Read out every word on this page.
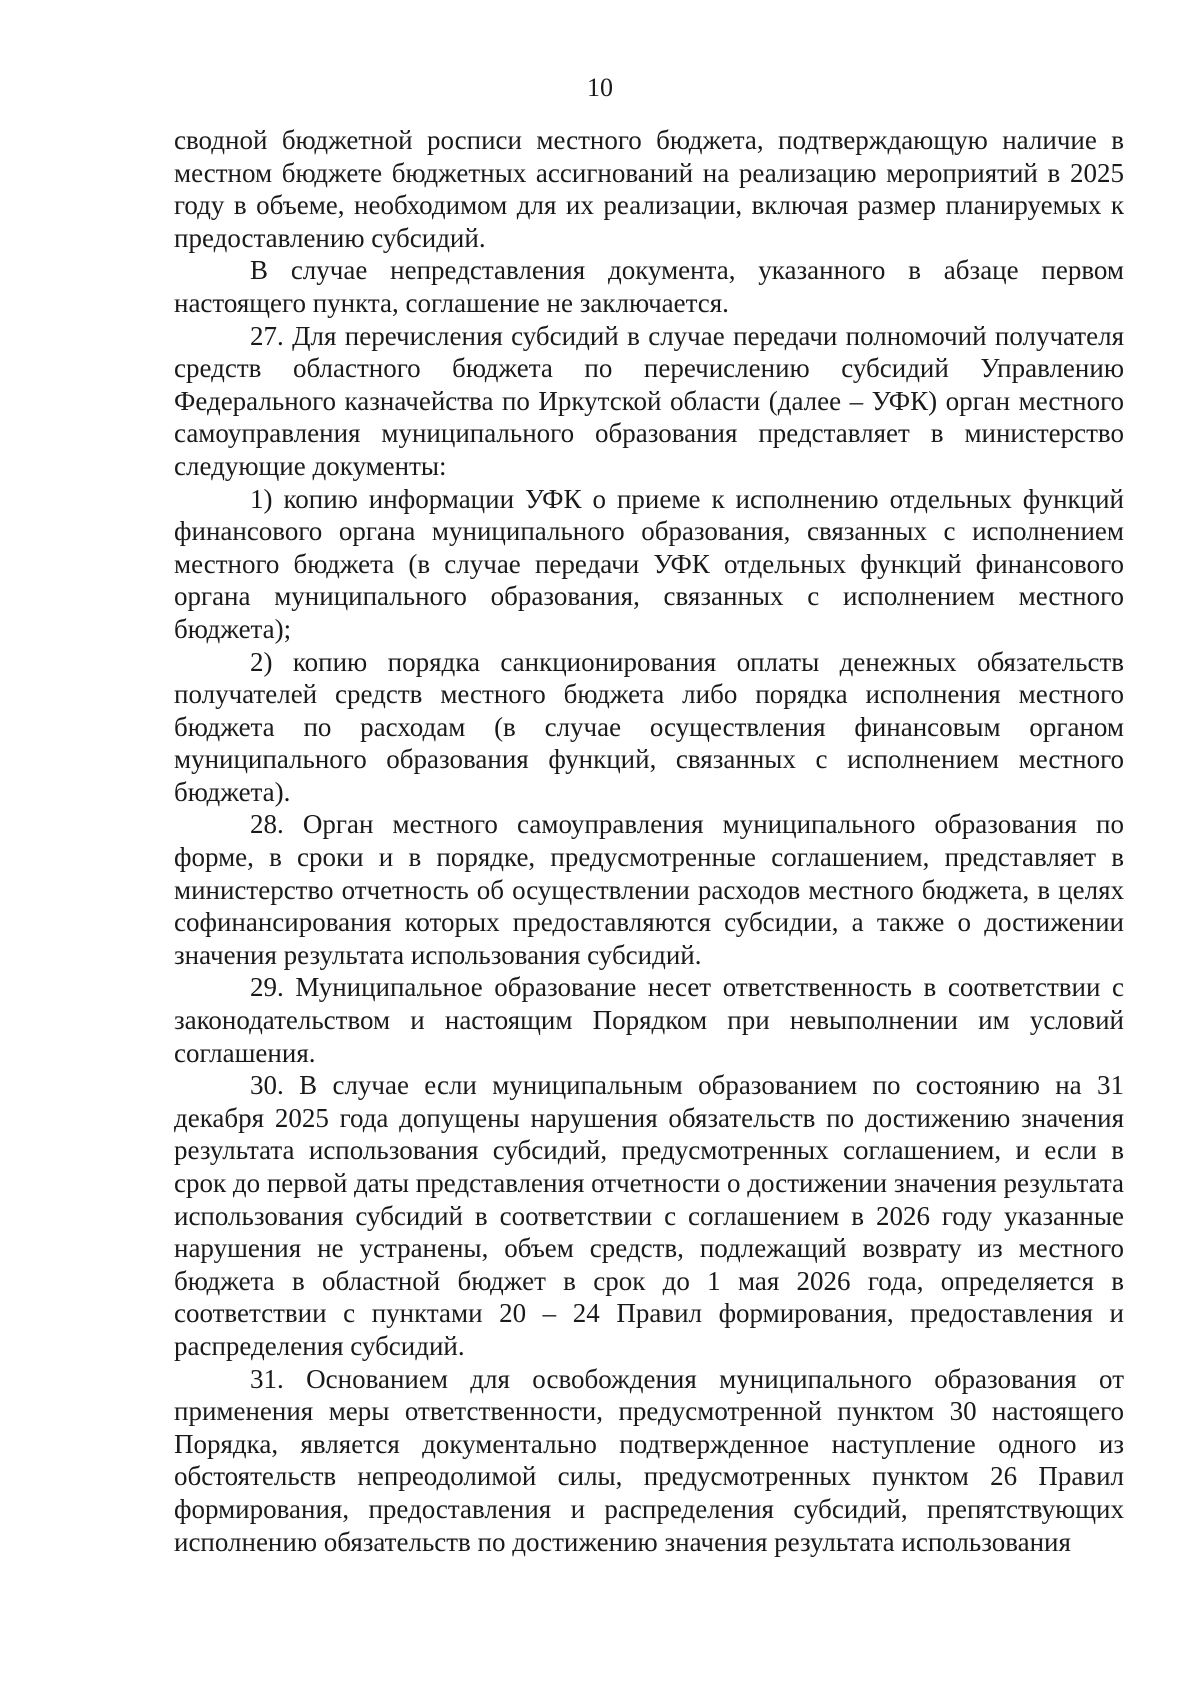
10

сводной бюджетной росписи местного бюджета, подтверждающую наличие в местном бюджете бюджетных ассигнований на реализацию мероприятий в 2025 году в объеме, необходимом для их реализации, включая размер планируемых к предоставлению субсидий.

В случае непредставления документа, указанного в абзаце первом настоящего пункта, соглашение не заключается.

27. Для перечисления субсидий в случае передачи полномочий получателя средств областного бюджета по перечислению субсидий Управлению Федерального казначейства по Иркутской области (далее – УФК) орган местного самоуправления муниципального образования представляет в министерство следующие документы:

1) копию информации УФК о приеме к исполнению отдельных функций финансового органа муниципального образования, связанных с исполнением местного бюджета (в случае передачи УФК отдельных функций финансового органа муниципального образования, связанных с исполнением местного бюджета);

2) копию порядка санкционирования оплаты денежных обязательств получателей средств местного бюджета либо порядка исполнения местного бюджета по расходам (в случае осуществления финансовым органом муниципального образования функций, связанных с исполнением местного бюджета).

28. Орган местного самоуправления муниципального образования по форме, в сроки и в порядке, предусмотренные соглашением, представляет в министерство отчетность об осуществлении расходов местного бюджета, в целях софинансирования которых предоставляются субсидии, а также о достижении значения результата использования субсидий.

29. Муниципальное образование несет ответственность в соответствии с законодательством и настоящим Порядком при невыполнении им условий соглашения.

30. В случае если муниципальным образованием по состоянию на 31 декабря 2025 года допущены нарушения обязательств по достижению значения результата использования субсидий, предусмотренных соглашением, и если в срок до первой даты представления отчетности о достижении значения результата использования субсидий в соответствии с соглашением в 2026 году указанные нарушения не устранены, объем средств, подлежащий возврату из местного бюджета в областной бюджет в срок до 1 мая 2026 года, определяется в соответствии с пунктами 20 – 24 Правил формирования, предоставления и распределения субсидий.

31. Основанием для освобождения муниципального образования от применения меры ответственности, предусмотренной пунктом 30 настоящего Порядка, является документально подтвержденное наступление одного из обстоятельств непреодолимой силы, предусмотренных пунктом 26 Правил формирования, предоставления и распределения субсидий, препятствующих исполнению обязательств по достижению значения результата использования
